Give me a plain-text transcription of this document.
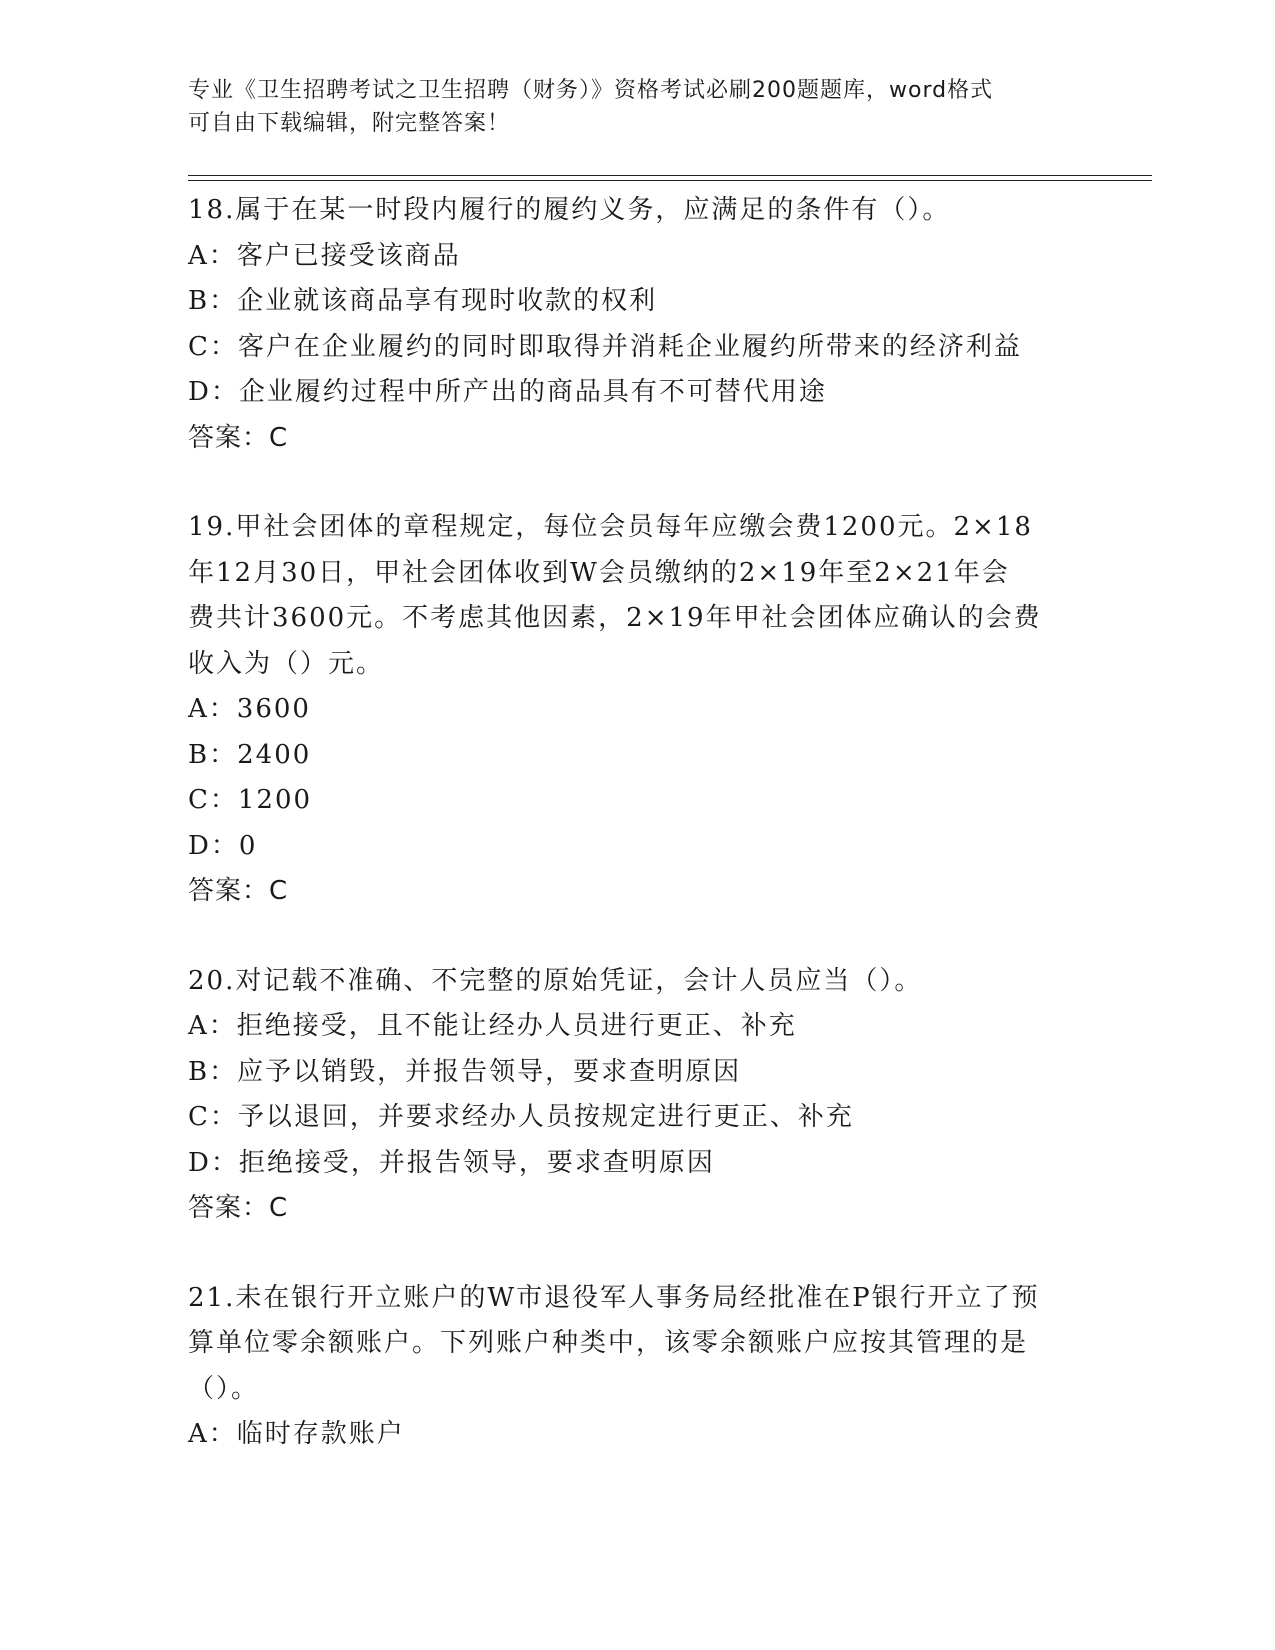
专业《卫生招聘考试之卫生招聘（财务）》资格考试必刷200题题库，word格式
可自由下载编辑，附完整答案！
18.属于在某一时段内履行的履约义务，应满足的条件有（）。
A：客户已接受该商品
B：企业就该商品享有现时收款的权利
C：客户在企业履约的同时即取得并消耗企业履约所带来的经济利益
D：企业履约过程中所产出的商品具有不可替代用途
答案：C
19.甲社会团体的章程规定，每位会员每年应缴会费1200元。2×18
年12月30日，甲社会团体收到W会员缴纳的2×19年至2×21年会
费共计3600元。不考虑其他因素，2×19年甲社会团体应确认的会费
收入为（）元。
A：3600
B：2400
C：1200
D：0
答案：C
20.对记载不准确、不完整的原始凭证，会计人员应当（）。
A：拒绝接受，且不能让经办人员进行更正、补充
B：应予以销毁，并报告领导，要求查明原因
C：予以退回，并要求经办人员按规定进行更正、补充
D：拒绝接受，并报告领导，要求查明原因
答案：C
21.未在银行开立账户的W市退役军人事务局经批准在P银行开立了预
算单位零余额账户。下列账户种类中，该零余额账户应按其管理的是
（）。
A：临时存款账户
